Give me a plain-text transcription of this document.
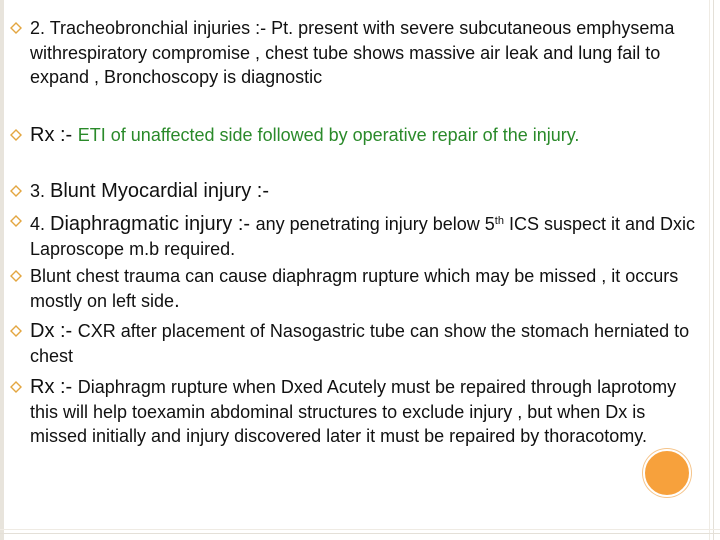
2. Tracheobronchial injuries :- Pt. present with severe subcutaneous emphysema withrespiratory compromise , chest tube shows massive air leak and lung fail to expand , Bronchoscopy is diagnostic
Rx :- ETI of unaffected side followed by operative repair of the injury.
3. Blunt Myocardial injury :-
4. Diaphragmatic injury :- any penetrating injury below 5th ICS suspect it and Dxic Laproscope m.b required.
Blunt chest trauma can cause diaphragm rupture which may be missed , it occurs mostly on left side.
Dx :- CXR after placement of Nasogastric tube can show the stomach herniated to chest
Rx :- Diaphragm rupture when Dxed Acutely must be repaired through laprotomy this will help toexamin abdominal structures to exclude injury , but when Dx is missed initially and injury discovered later it must be repaired by thoracotomy.
